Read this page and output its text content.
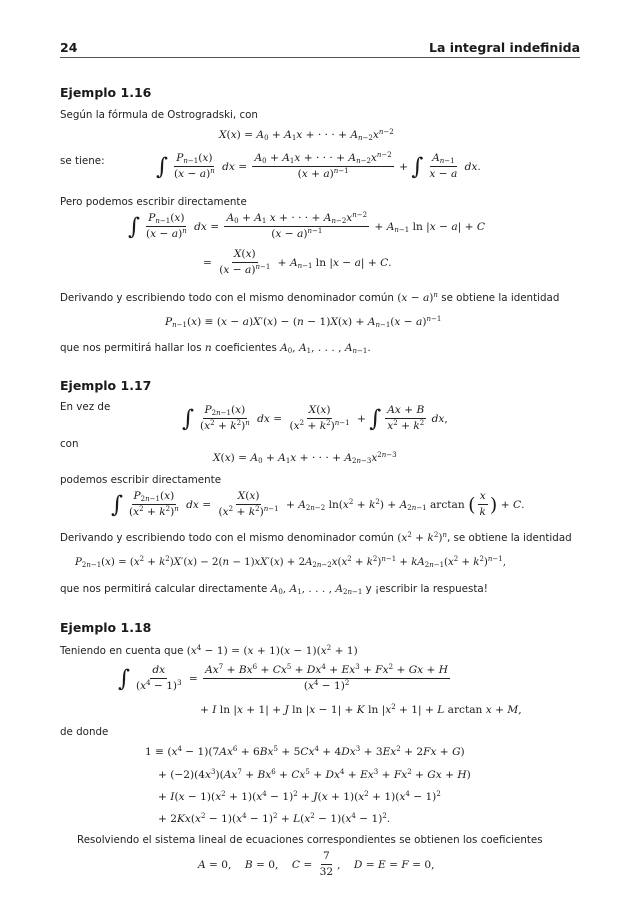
24	La integral indefinida
Ejemplo 1.16
Según la fórmula de Ostrogradski, con
$X(x) = A_0 + A_1x$ + · · · + $A_{n-2}x^{n-2}$
se tiene: ∫ $\frac{P_{n-1}(x)}{(x - a)^n}$ dx = $\frac{A_0 + A_1x + \cdot \cdot \cdot + A_{n-2}x^{n-2}}{(x + a)^{n-1}}$ + ∫ $\frac{A_{n-1}}{x - a}$ dx.
Pero podemos escribir directamente
∫ $\frac{P_{n-1}(x)}{(x - a)^n}$ dx = $\frac{A_0 + A_1 x + \cdot \cdot \cdot + A_{n-2}x^{n-2}}{(x - a)^{n-1}} + A_{n-1}$ ln |x − a| + C
= $\frac{X(x)}{(x - a)^{n-1}} + A_{n-1}$ ln |x − a| + C.
Derivando y escribiendo todo con el mismo denominador común $(x - a)^n$ se obtiene la identidad
$P_{n-1}(x) \equiv (x - a)X'(x) - (n - 1)X(x) + A_{n-1}(x - a)^{n-1}$
que nos permitirá hallar los n coeficientes $A_0$, $A_1$, . . . , $A_{n-1}$.
Ejemplo 1.17
En vez de	∫ $\frac{P_{2n-1}(x)}{(x^2 + k^2)^n}$ dx = $\frac{X(x)}{(x^2 + k^2)^{n-1}}$ + ∫ $\frac{Ax + B}{x^2 + k^2}$ dx,
con
$X(x) = A_0 + A_1x$ + · · · + $A_{2n-3}x^{2n-3}$
podemos escribir directamente
∫ $\frac{P_{2n-1}(x)}{(x^2 + k^2)^n}$ dx = $\frac{X(x)}{(x^2 + k^2)^{n-1}} + A_{2n-2}$ $\ln(x^2 + k^2) + A_{2n-1}$ arctan ( $\frac{x}{k}$ ) + C.
Derivando y escribiendo todo con el mismo denominador común $(x^2 + k^2)^n$, se obtiene la identidad
$P_{2n-1}(x) = (x^2 + k^2)X'(x) - 2(n - 1)xX'(x) + 2A_{2n-2}x(x^2 + k^2)^{n-1} + kA_{2n-1}(x^2 + k^2)^{n-1}$,
que nos permitirá calcular directamente $A_0$, $A_1$, . . . , $A_{2n-1}$ y ¡escribir la respuesta!
Ejemplo 1.18
Teniendo en cuenta que $(x^4 - 1) = (x + 1)(x - 1)(x^2 + 1)$
∫ $\frac{dx}{(x^4 - 1)^3} = \frac{Ax^7 + Bx^6 + Cx^5 + Dx^4 + Ex^3 + Fx^2 + Gx + H}{(x^4 - 1)^2}$
+ I ln |x + 1| + J ln |x − 1| + K $\ln |x^2 + 1| + L$ arctan x + M,
de donde
$1 \equiv (x^4 - 1)(7Ax^6 + 6Bx^5 + 5Cx^4 + 4Dx^3 + 3Ex^2 + 2Fx + G)$
+ $(-2)(4x^3)(Ax^7 + Bx^6 + Cx^5 + Dx^4 + Ex^3 + Fx^2 + Gx + H)$
+ $I(x - 1)(x^2 + 1)(x^4 - 1)^2 + J(x + 1)(x^2 + 1)(x^4 - 1)^2$
+ $2Kx(x^2 - 1)(x^4 - 1)^2 + L(x^2 - 1)(x^4 - 1)^2$.
Resolviendo el sistema lineal de ecuaciones correspondientes se obtienen los coeficientes
A = 0,    B = 0,    $C = \frac{7}{32}$ ,    D = E = F = 0,
